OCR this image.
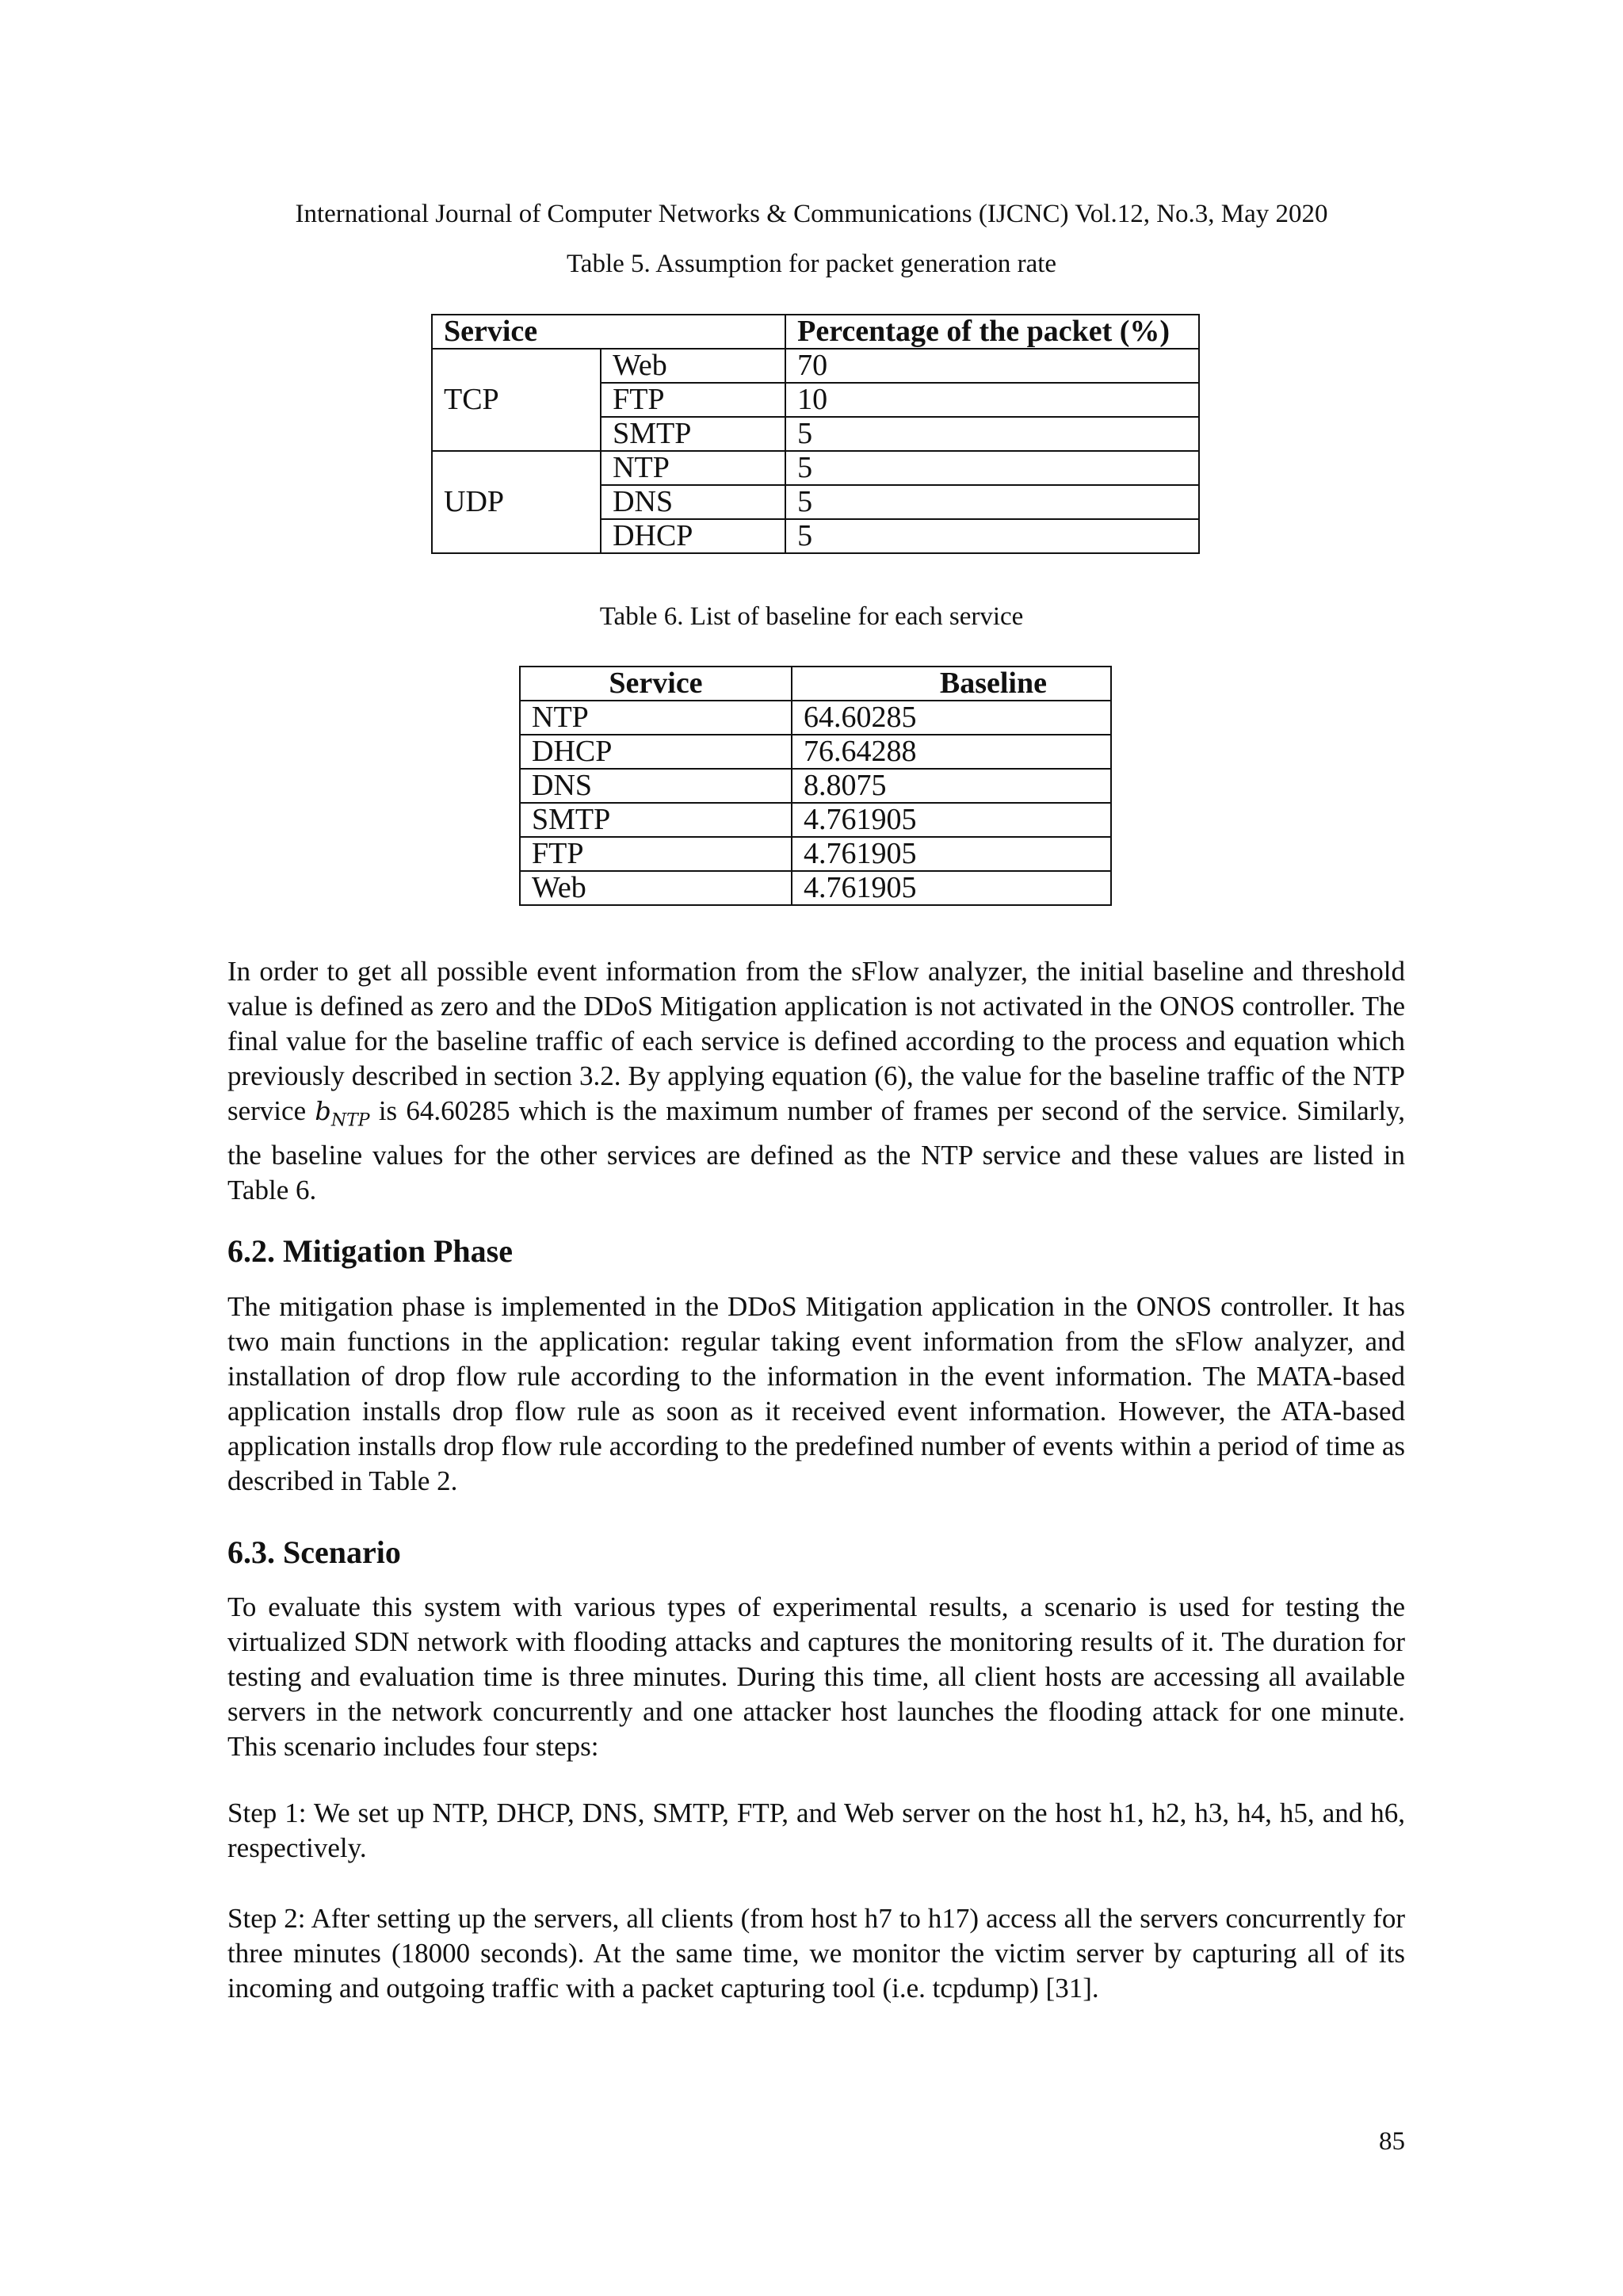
International Journal of Computer Networks & Communications (IJCNC) Vol.12, No.3, May 2020
Table 5. Assumption for packet generation rate
Service		Percentage of the packet (%)
TCP	Web	70
	FTP	10
	SMTP	5
UDP	NTP	5
	DNS	5
	DHCP	5
Table 6. List of baseline for each service
Service	Baseline
NTP	64.60285
DHCP	76.64288
DNS	8.8075
SMTP	4.761905
FTP	4.761905
Web	4.761905

In order to get all possible event information from the sFlow analyzer, the initial baseline and threshold value is defined as zero and the DDoS Mitigation application is not activated in the ONOS controller. The final value for the baseline traffic of each service is defined according to the process and equation which previously described in section 3.2. By applying equation (6), the value for the baseline traffic of the NTP service $b_{NTP}$ is 64.60285 which is the maximum number of frames per second of the service. Similarly, the baseline values for the other services are defined as the NTP service and these values are listed in Table 6.

6.2. Mitigation Phase

The mitigation phase is implemented in the DDoS Mitigation application in the ONOS controller. It has two main functions in the application: regular taking event information from the sFlow analyzer, and installation of drop flow rule according to the information in the event information. The MATA-based application installs drop flow rule as soon as it received event information. However, the ATA-based application installs drop flow rule according to the predefined number of events within a period of time as described in Table 2.

6.3. Scenario

To evaluate this system with various types of experimental results, a scenario is used for testing the virtualized SDN network with flooding attacks and captures the monitoring results of it. The duration for testing and evaluation time is three minutes. During this time, all client hosts are accessing all available servers in the network concurrently and one attacker host launches the flooding attack for one minute. This scenario includes four steps:

Step 1: We set up NTP, DHCP, DNS, SMTP, FTP, and Web server on the host h1, h2, h3, h4, h5, and h6, respectively.

Step 2: After setting up the servers, all clients (from host h7 to h17) access all the servers concurrently for three minutes (18000 seconds). At the same time, we monitor the victim server by capturing all of its incoming and outgoing traffic with a packet capturing tool (i.e. tcpdump) [31].

85
